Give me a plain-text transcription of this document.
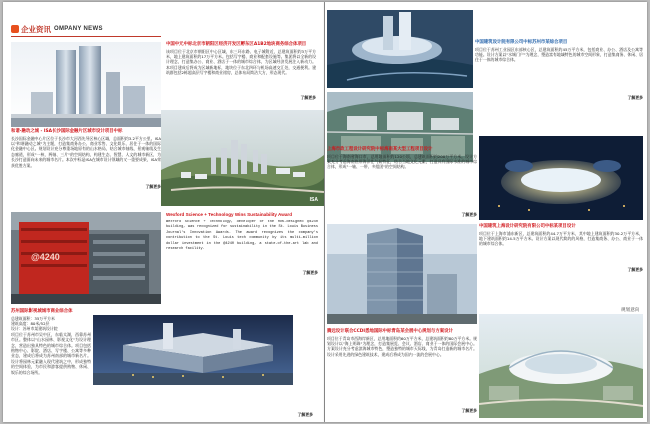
企业资讯 OMPANY NEWS
中国中元中标北京市朝阳区经济开发区孵东区A1B2地块商务综合体项目
该项目位于北京市朝阳区中心区域，东三环东路、电子城附近，总建筑面积约3万平方米，地上建筑面积约17万平方米。包括写字楼、商业和配套设施等。集团将以全新的设计理念，打造集办公、商业、酒店于一体的城市综合体，为区域经济发展注入新动力。本项目建成后将成为区域新地标，地块位于东北四环与机场高速交汇处，交通便利。建筑群包括2栋超高层写字楼和商业裙房，总体布局简洁大方，形态现代。
了解更多
和谐·融动之城 - ISA长沙国际金融片区城市设计项目中标
长沙国际金融中心片区位于长沙市大河西先导区核心区域，总面积约3.2平方公里。ISA以"和谐融动之城"为主题，打造集商务办公、商业零售、文化娱乐、居住于一体的国际化金融中心区。规划设计充分尊重场地原有的山水格局，结合城市轴线、景观轴线及生态廊道，形成"一核、两轴、三片"的空间结构，构建生态、智慧、人文的城市新区，为长沙打造面向未来的城市名片。本次中标是ISA在城市设计领域的又一重要成果，ISA荣获优胜方案。
ISA
了解更多
@4240
Wexford Science + Technology Wins Sustainability Award
Wexford Science + Technology, developer of the HOK-designed @4240 building, was recognized for sustainability in the St. Louis Business Journal's Innovation Awards. The award recognizes the company's contribution to the St. Louis tech community by its multi-million dollar investment in the @4240 building, a state-of-the-art lab and research facility.
了解更多
苏州国际影视城城市商业综合体
总建筑面积：35万平方米
建筑高度：80米/52层
设计：苏州市某建筑设计院
项目位于苏州市吴中区，东临太湖，西靠苏州市区。整体以"山水园林、影视文化"为设计理念，营造出独具特色的城市综合体。项目包括购物中心、影院、酒店、写字楼、公寓等多种业态，建成后将成为苏州南部的城市新名片。设计将园林元素融入现代建筑之中，形成独特的空间体验，为市民和游客提供购物、休闲、娱乐的综合场所。
了解更多
中国建筑设计院有限公司中标苏州市某综合项目
项目位于苏州工业园区东部核心区，总建筑面积约45万平方米，包括商业、办公、酒店及公寓等功能。设计方案以"水城门户"为理念，塑造富有地域特色的城市空间形象，打造集商务、休闲、居住于一体的城市综合体。
了解更多
上海市政工程设计研究院中标海南某大型工程项目设计
项目位于海南省海口市，总用地面积约120公顷，总建筑面积约200万平方米。设计方案充分考虑海南热带海洋性气候特征，结合当地文化元素，打造具有国际水准的城市综合体，形成"一轴、一带、多组团"的空间结构。
了解更多
中国建筑上海设计研究院有限公司中标某项目设计
项目位于上海市浦东新区，总建筑面积约44.7万平方米，其中地上建筑面积约30.2万平方米，地下建筑面积约14.5万平方米。设计方案以现代简约的风格，打造集商务、办公、商业于一体的城市综合体。
了解更多
规划意向
腾远设计联合CCDI悉地国际中标青岛某会展中心规划与方案设计
项目位于青岛市西海岸新区，总用地面积约60万平方米，总建筑面积约80万平方米。规划设计以"海上明珠"为理念，打造集展览、会议、酒店、商业于一体的国际会展中心。方案设计充分考虑滨海城市特色，塑造独特的城市天际线，为青岛打造新的城市名片。设计采用先进的绿色建筑技术，建成后将成为国内一流的会展中心。
了解更多
